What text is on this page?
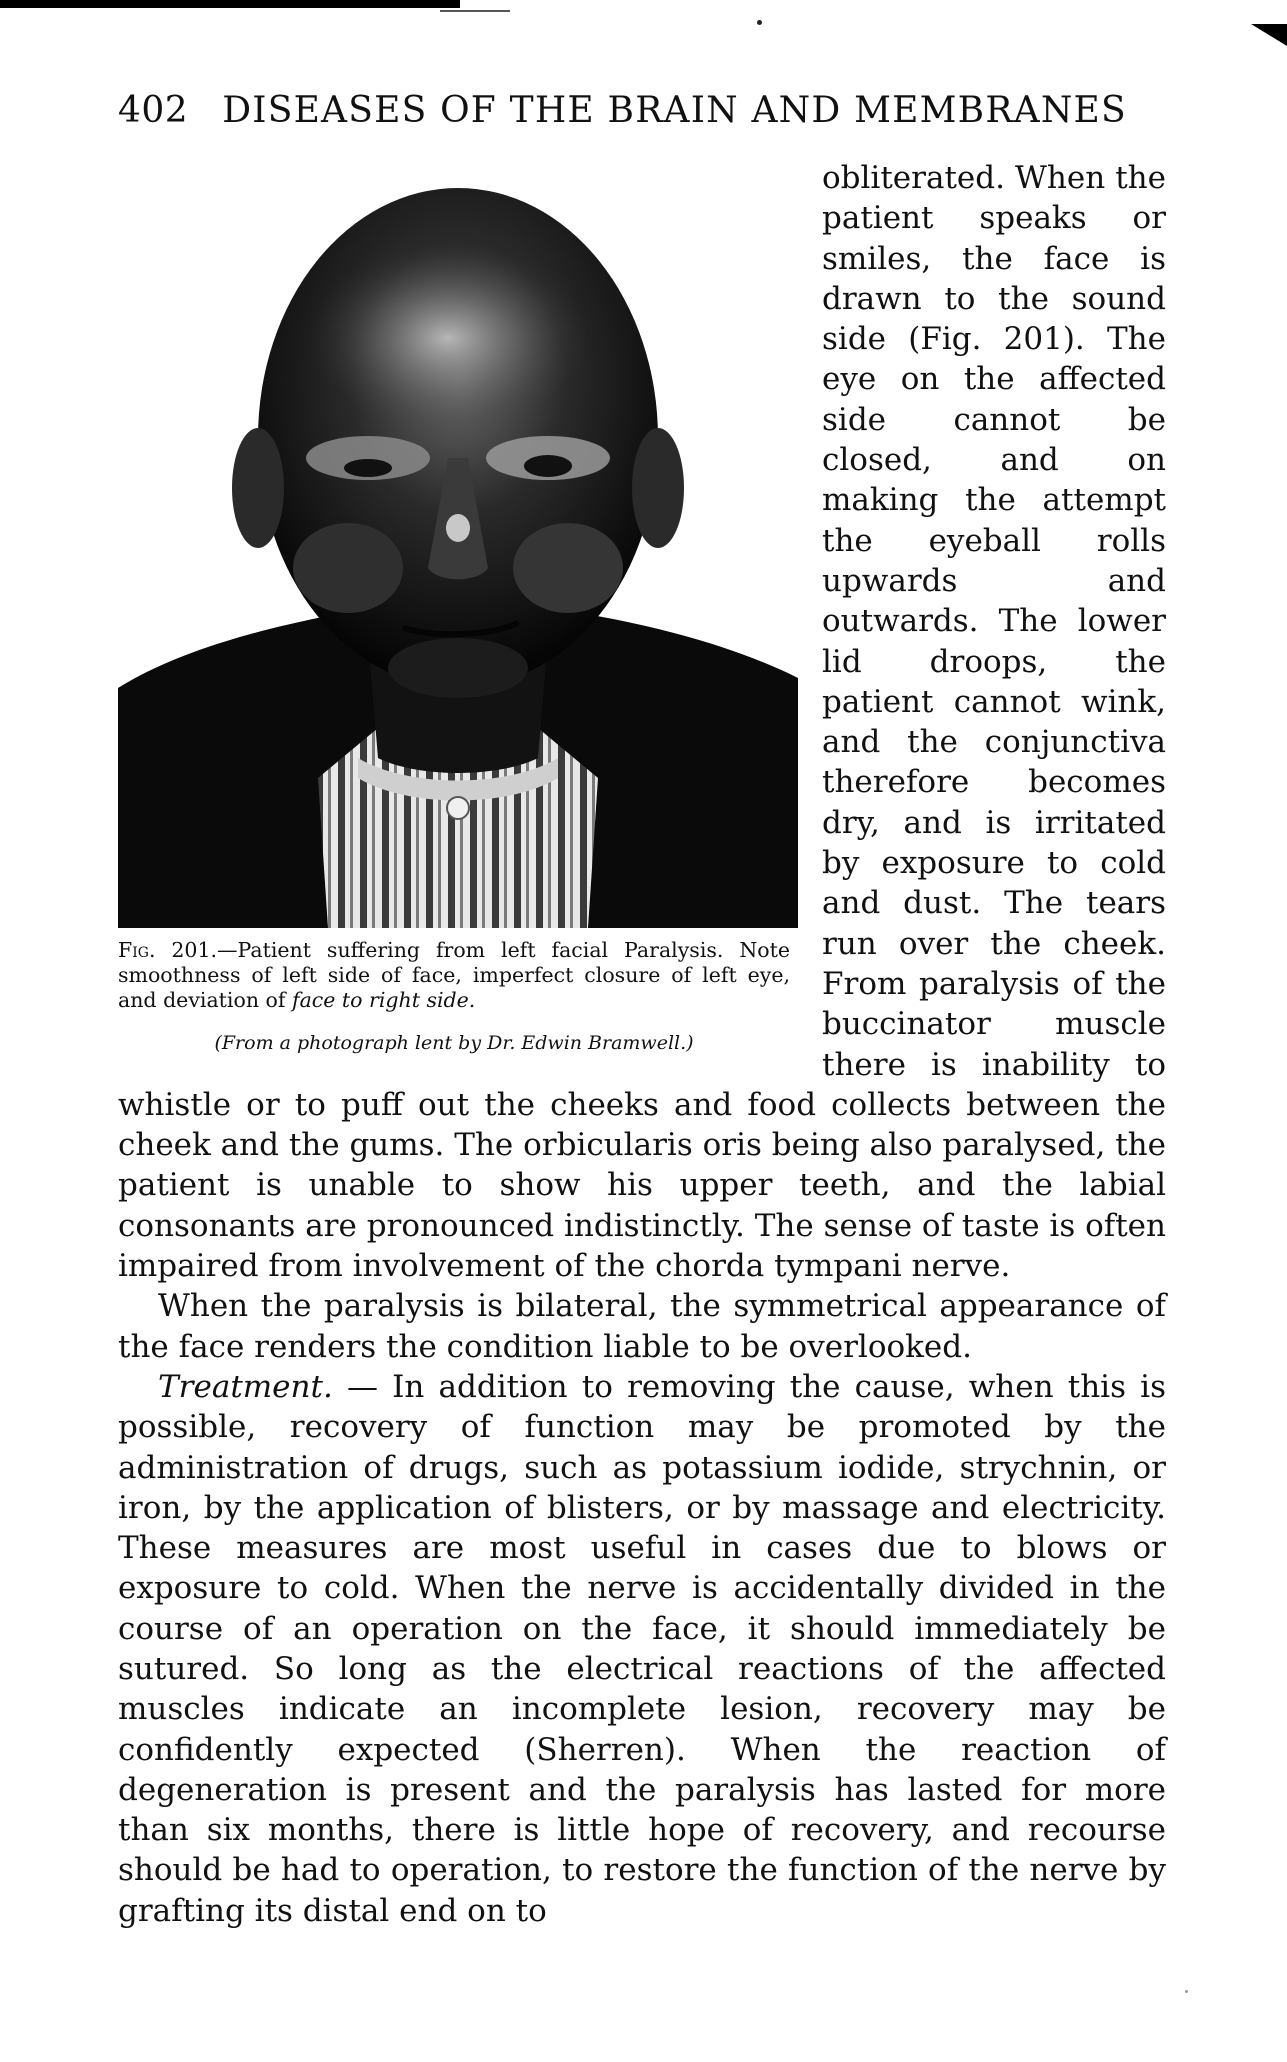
402 DISEASES OF THE BRAIN AND MEMBRANES
Fig. 201.—Patient suffering from left facial Paralysis. Note smoothness of left side of face, imperfect closure of left eye, and deviation of face to right side.
(From a photograph lent by Dr. Edwin Bramwell.)
obliterated. When the patient speaks or smiles, the face is drawn to the sound side (Fig. 201). The eye on the affected side cannot be closed, and on making the attempt the eyeball rolls upwards and outwards. The lower lid droops, the patient cannot wink, and the conjunctiva therefore becomes dry, and is irritated by exposure to cold and dust. The tears run over the cheek. From paralysis of the buccinator muscle there is inability to whistle or to puff out the cheeks and food collects between the cheek and the gums. The orbicularis oris being also paralysed, the patient is unable to show his upper teeth, and the labial consonants are pronounced indistinctly. The sense of taste is often impaired from involvement of the chorda tympani nerve.
When the paralysis is bilateral, the symmetrical appearance of the face renders the condition liable to be overlooked.
Treatment. — In addition to removing the cause, when this is possible, recovery of function may be promoted by the administration of drugs, such as potassium iodide, strychnin, or iron, by the application of blisters, or by massage and electricity. These measures are most useful in cases due to blows or exposure to cold. When the nerve is accidentally divided in the course of an operation on the face, it should immediately be sutured. So long as the electrical reactions of the affected muscles indicate an incomplete lesion, recovery may be confidently expected (Sherren). When the reaction of degeneration is present and the paralysis has lasted for more than six months, there is little hope of recovery, and recourse should be had to operation, to restore the function of the nerve by grafting its distal end on to
